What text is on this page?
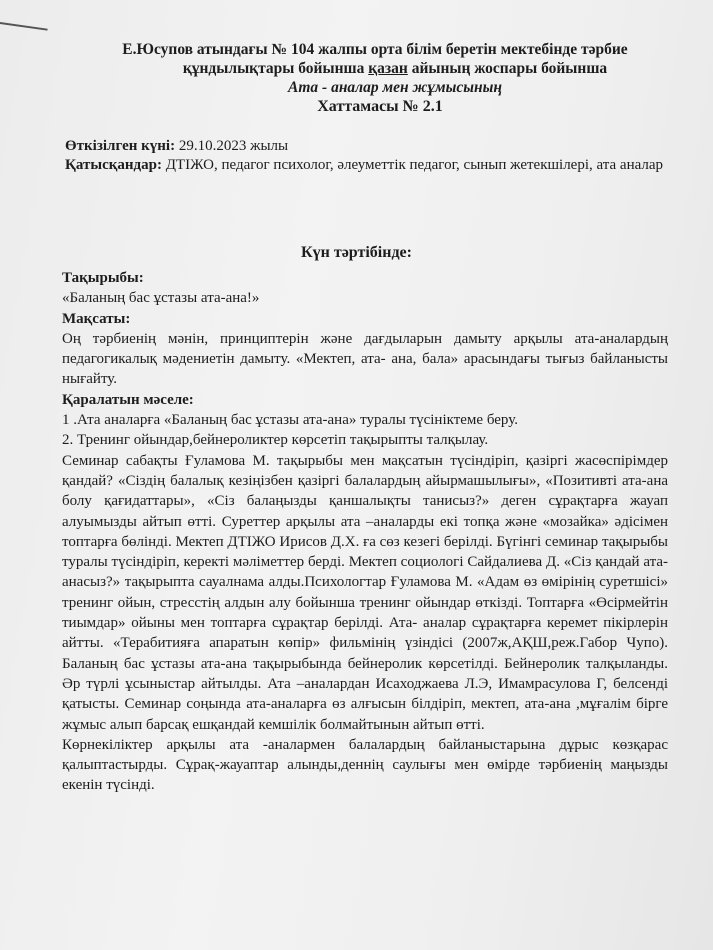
Е.Юсупов атындағы № 104 жалпы орта білім беретін мектебінде тәрбие
құндылықтары бойынша қазан айының жоспары бойынша
Ата - аналар мен жұмысының
Хаттамасы № 2.1
Өткізілген күні: 29.10.2023 жылы
Қатысқандар: ДТІЖО, педагог психолог, әлеуметтік педагог, сынып жетекшілері, ата аналар
Күн тәртібінде:

Тақырыбы:

«Баланың бас ұстазы ата-ана!»

Мақсаты:

Оң тәрбиенің мәнін, принциптерін және дағдыларын дамыту арқылы ата-аналардың педагогикалық мәдениетін дамыту. «Мектеп, ата- ана, бала» арасындағы тығыз байланысты нығайту.

Қаралатын мәселе:

1 .Ата аналарға «Баланың бас ұстазы ата-ана» туралы түсініктеме беру.

2. Тренинг ойындар,бейнероликтер көрсетіп тақырыпты талқылау.

Семинар сабақты Ғуламова М. тақырыбы мен мақсатын түсіндіріп, қазіргі жасөспірімдер қандай? «Сіздің балалық кезіңізбен қазіргі балалардың айырмашылығы», «Позитивті ата-ана болу қағидаттары», «Сіз балаңызды қаншалықты танисыз?» деген сұрақтарға жауап алуымызды айтып өтті. Суреттер арқылы ата –аналарды екі топқа және «мозайка» әдісімен топтарға бөлінді. Мектеп ДТІЖО Ирисов Д.Х. ға сөз кезегі берілді. Бүгінгі семинар тақырыбы туралы түсіндіріп, керекті мәліметтер берді. Мектеп социологі Сайдалиева Д. «Сіз қандай ата-анасыз?» тақырыпта сауалнама алды.Психологтар Ғуламова М. «Адам өз өмірінің суретшісі» тренинг ойын, стресстің алдын алу бойынша тренинг ойындар өткізді. Топтарға «Өсірмейтін тиымдар» ойыны мен топтарға сұрақтар берілді. Ата- аналар сұрақтарға керемет пікірлерін айтты. «Терабитияға апаратын көпір» фильмінің үзіндісі (2007ж,АҚШ,реж.Габор Чупо). Баланың бас ұстазы ата-ана тақырыбында бейнеролик көрсетілді. Бейнеролик талқыланды. Әр түрлі ұсыныстар айтылды. Ата –аналардан Исаходжаева Л.Э, Имамрасулова Г, белсенді қатысты. Семинар соңында ата-аналарға өз алғысын білдіріп, мектеп, ата-ана ,мұғалім бірге жұмыс алып барсақ ешқандай кемшілік болмайтынын айтып өтті.

Көрнекіліктер арқылы ата -аналармен балалардың байланыстарына дұрыс көзқарас қалыптастырды. Сұрақ-жауаптар алынды,деннің саулығы мен өмірде тәрбиенің маңызды екенін түсінді.
